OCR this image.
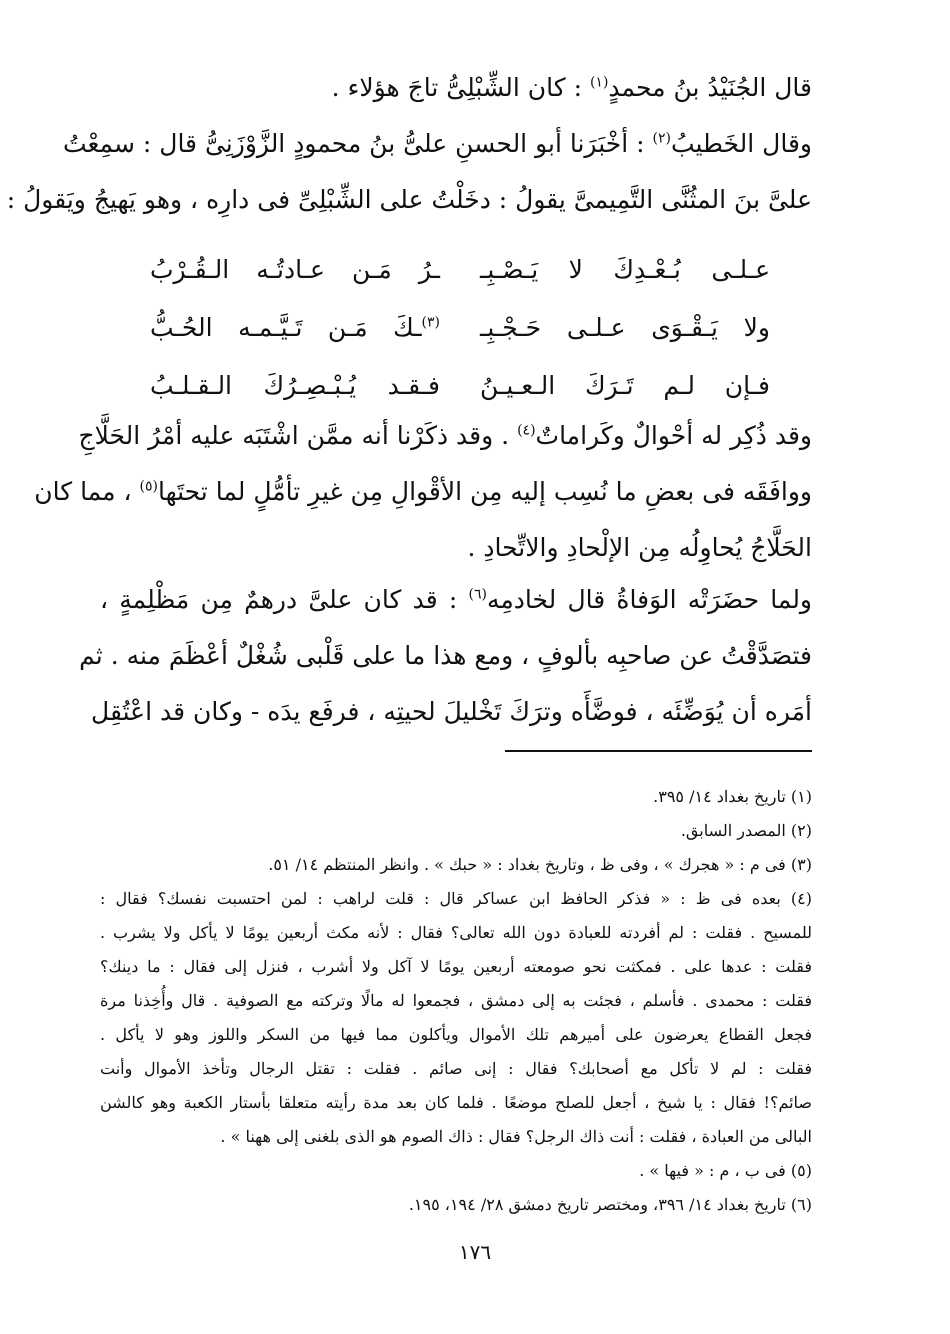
قال الجُنَيْدُ بنُ محمدٍ$^{(١)}$ : كان الشِّبْلِىُّ تاجَ هؤلاء .
وقال الخَطيبُ$^{(٢)}$ : أخْبَرَنا أبو الحسنِ علىُّ بنُ محمودٍ الزَّوْزَنِىُّ قال : سمِعْتُ
علىَّ بنَ المثُنَّى التَّمِيمىَّ يقولُ : دخَلْتُ على الشِّبْلِىِّ فى دارِه ، وهو يَهيجُ ويَقولُ :
عـلـى بُـعْـدِكَ لا يَـصْـبِـ
ـرُ مَـن عـادتُـه الـقُـرْبُ
ولا يَـقْـوَى عـلـى حَـجْـبِـ
$^{(٣)}$ـكَ مَـن تَـيَّـمـه الحُـبُّ
فـإن لـم تَـرَكَ الـعـيـنُ
فـقـد يُـبْـصِـرُكَ الـقـلـبُ
وقد ذُكِر له أحْوالٌ وكَراماتٌ$^{(٤)}$ . وقد ذكَرْنا أنه ممَّن اشْتَبَه عليه أمْرُ الحَلَّاجِ
ووافَقَه فى بعضِ ما نُسِب إليه مِن الأقْوالِ مِن غيرِ تأمُّلٍ لما تحتَها$^{(٥)}$ ، مما كان
الحَلَّاجُ يُحاوِلُه مِن الإلْحادِ والاتِّحادِ .
ولما حضَرَتْه الوَفاةُ قال لخادمِه$^{(٦)}$ : قد كان علىَّ درهمٌ مِن مَظْلِمةٍ ،
فتصَدَّقْتُ عن صاحبِه بألوفٍ ، ومع هذا ما على قَلْبى شُغْلٌ أعْظَمَ منه . ثم
أمَره أن يُوَضِّئَه ، فوضَّأَه وترَكَ تَخْليلَ لحيتِه ، فرفَع يدَه - وكان قد اعْتُقِل
(١) تاريخ بغداد ١٤/ ٣٩٥.
(٢) المصدر السابق.
(٣) فى م : « هجرك » ، وفى ظ ، وتاريخ بغداد : « حبك » . وانظر المنتظم ١٤/ ٥١.
(٤) بعده فى ظ : « فذكر الحافظ ابن عساكر قال : قلت لراهب : لمن احتسبت نفسك؟ فقال :
للمسيح . فقلت : لم أفردته للعبادة دون الله تعالى؟ فقال : لأنه مكث أربعين يومًا لا يأكل ولا يشرب .
فقلت : عدها على . فمكثت نحو صومعته أربعين يومًا لا آكل ولا أشرب ، فنزل إلى فقال : ما دينك؟
فقلت : محمدى . فأسلم ، فجئت به إلى دمشق ، فجمعوا له مالًا وتركته مع الصوفية . قال وأُخِذنا مرة
فجعل القطاع يعرضون على أميرهم تلك الأموال ويأكلون مما فيها من السكر واللوز وهو لا يأكل .
فقلت : لم لا تأكل مع أصحابك؟ فقال : إنى صائم . فقلت : تقتل الرجال وتأخذ الأموال وأنت
صائم؟! فقال : يا شيخ ، أجعل للصلح موضعًا . فلما كان بعد مدة رأيته متعلقا بأستار الكعبة وهو كالشن
البالى من العبادة ، فقلت : أنت ذاك الرجل؟ فقال : ذاك الصوم هو الذى بلغنى إلى ههنا » .
(٥) فى ب ، م : « فيها » .
(٦) تاريخ بغداد ١٤/ ٣٩٦، ومختصر تاريخ دمشق ٢٨/ ١٩٤، ١٩٥.
١٧٦
